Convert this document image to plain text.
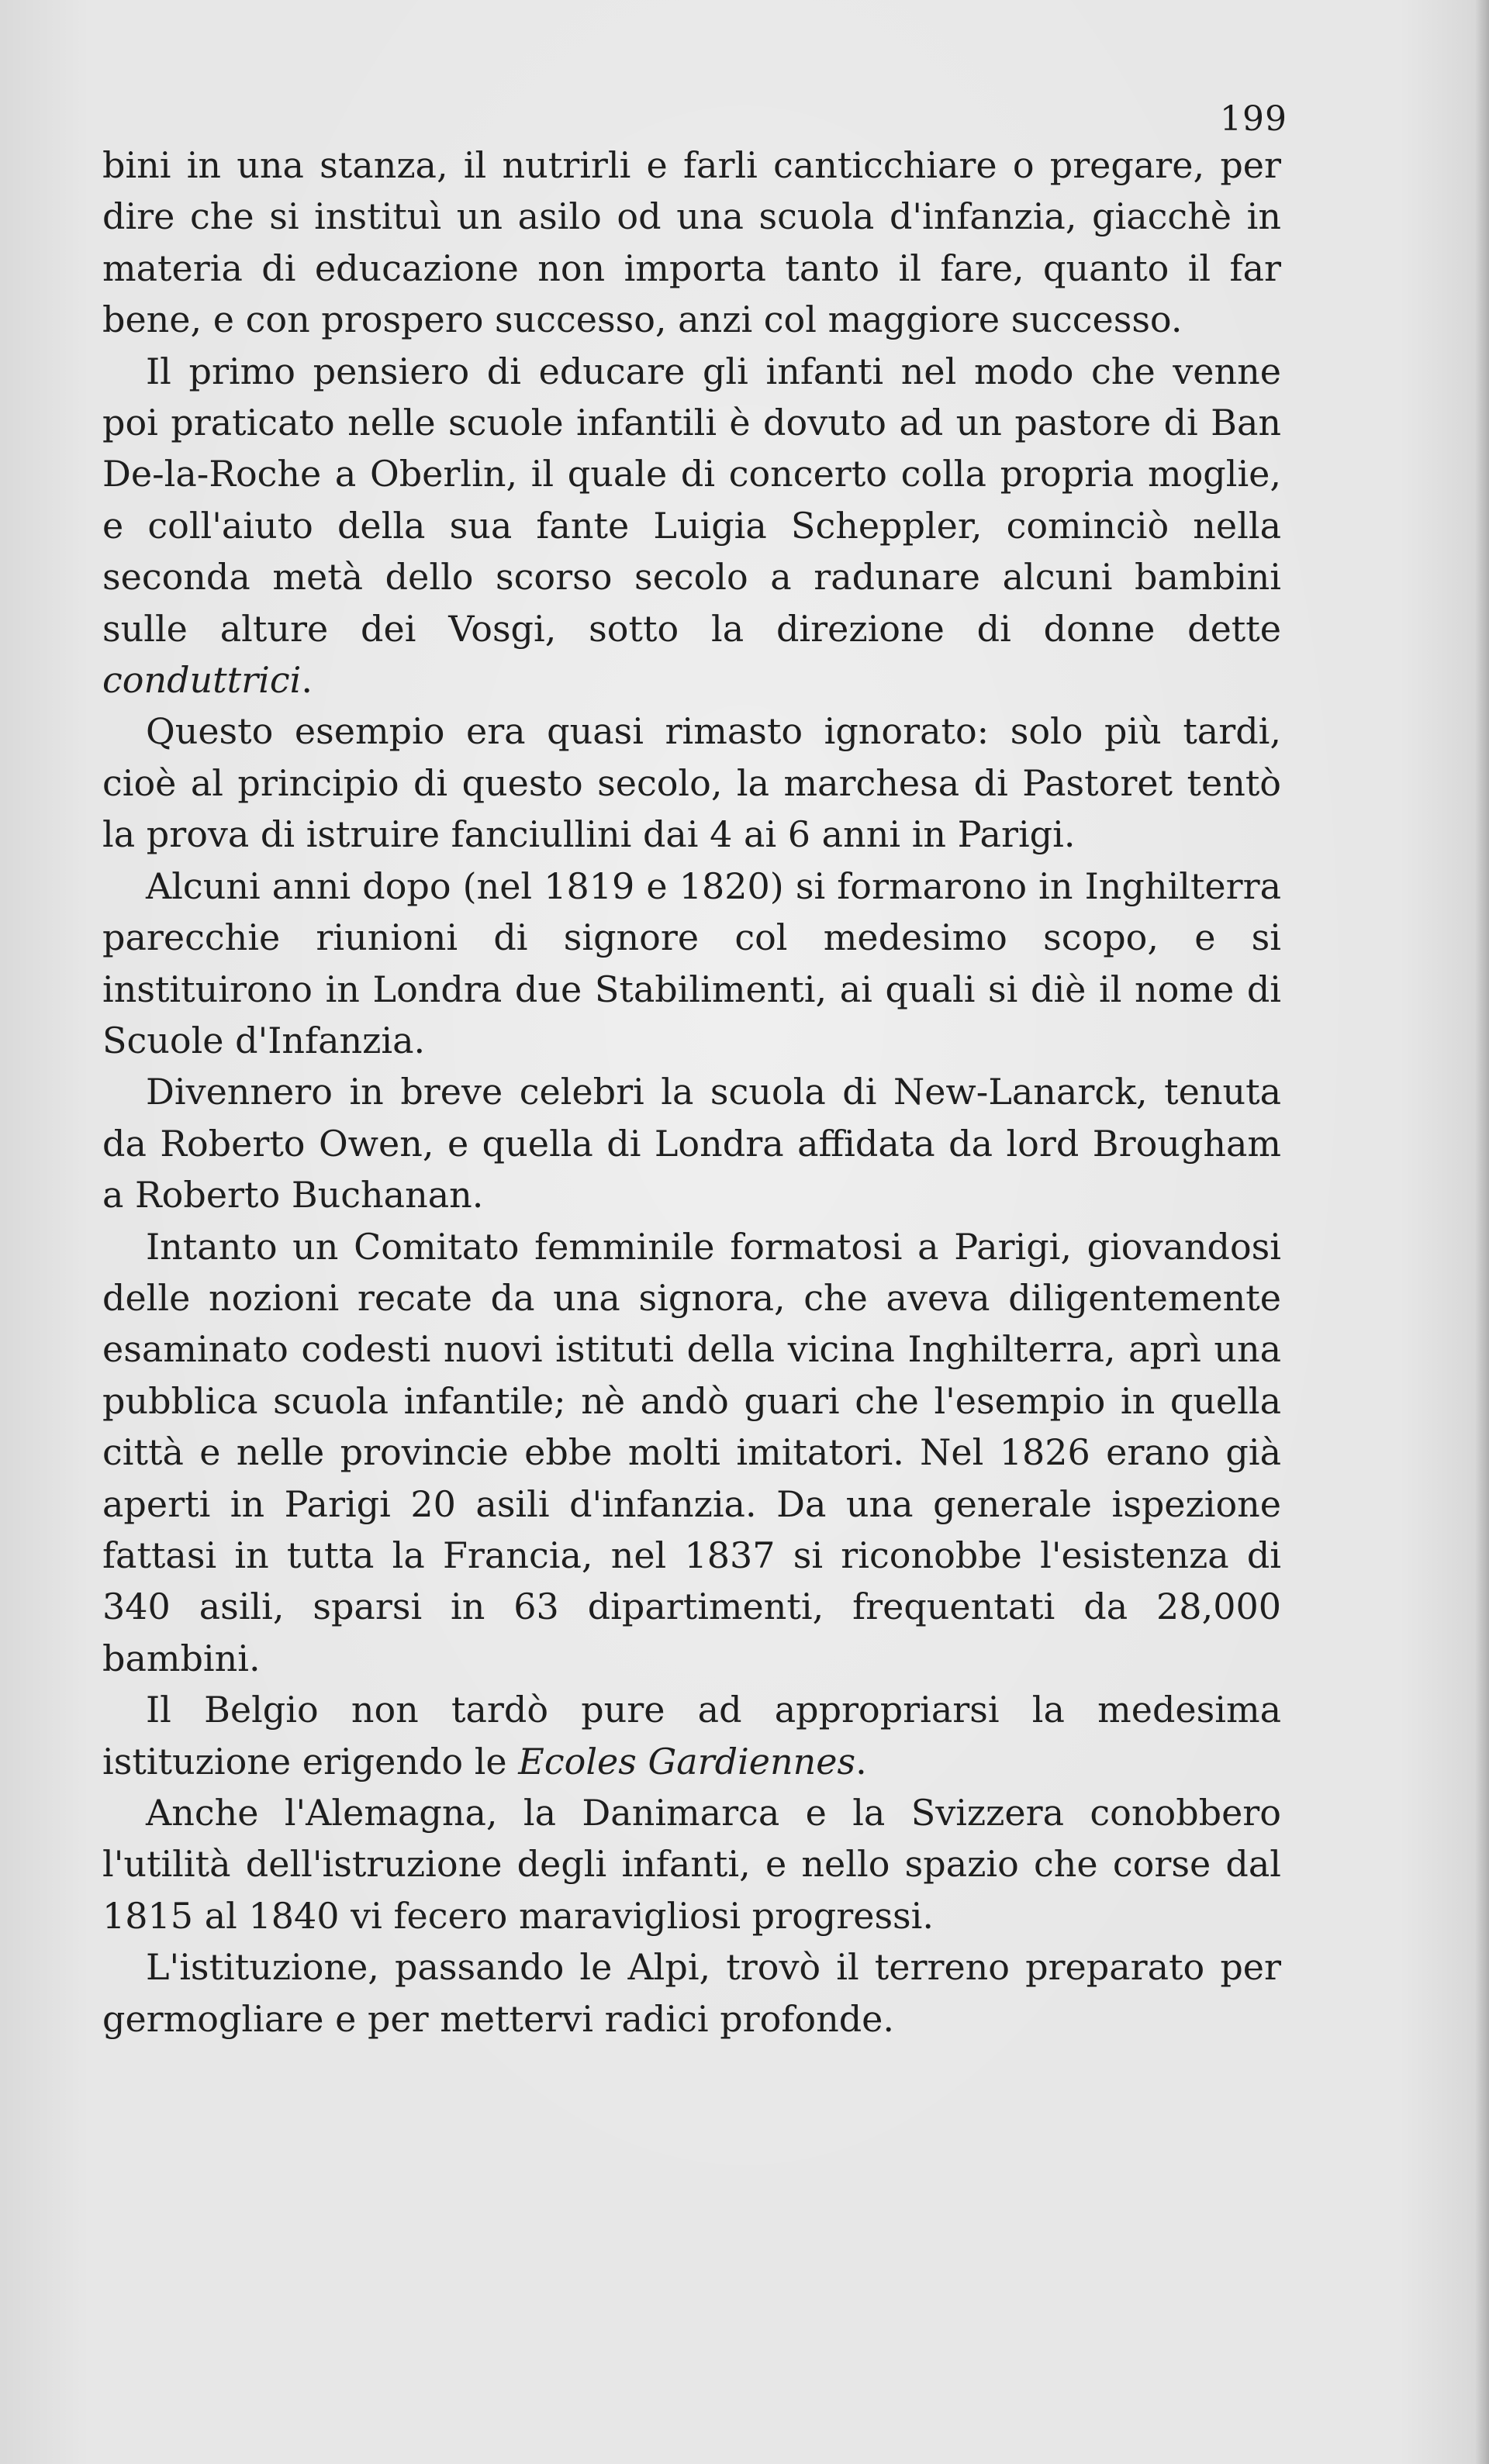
199

bini in una stanza, il nutrirli e farli canticchiare o pregare, per dire che si instituì un asilo od una scuola d'infanzia, giacchè in materia di educazione non importa tanto il fare, quanto il far bene, e con prospero successo, anzi col maggiore successo.

Il primo pensiero di educare gli infanti nel modo che venne poi praticato nelle scuole infantili è dovuto ad un pastore di Ban De-la-Roche a Oberlin, il quale di concerto colla propria moglie, e coll'aiuto della sua fante Luigia Scheppler, cominciò nella seconda metà dello scorso secolo a radunare alcuni bambini sulle alture dei Vosgi, sotto la direzione di donne dette conduttrici.

Questo esempio era quasi rimasto ignorato: solo più tardi, cioè al principio di questo secolo, la marchesa di Pastoret tentò la prova di istruire fanciullini dai 4 ai 6 anni in Parigi.

Alcuni anni dopo (nel 1819 e 1820) si formarono in Inghilterra parecchie riunioni di signore col medesimo scopo, e si instituirono in Londra due Stabilimenti, ai quali si diè il nome di Scuole d'Infanzia.

Divennero in breve celebri la scuola di New-Lanarck, tenuta da Roberto Owen, e quella di Londra affidata da lord Brougham a Roberto Buchanan.

Intanto un Comitato femminile formatosi a Parigi, giovandosi delle nozioni recate da una signora, che aveva diligentemente esaminato codesti nuovi istituti della vicina Inghilterra, aprì una pubblica scuola infantile; nè andò guari che l'esempio in quella città e nelle provincie ebbe molti imitatori. Nel 1826 erano già aperti in Parigi 20 asili d'infanzia. Da una generale ispezione fattasi in tutta la Francia, nel 1837 si riconobbe l'esistenza di 340 asili, sparsi in 63 dipartimenti, frequentati da 28,000 bambini.

Il Belgio non tardò pure ad appropriarsi la medesima istituzione erigendo le Ecoles Gardiennes.

Anche l'Alemagna, la Danimarca e la Svizzera conobbero l'utilità dell'istruzione degli infanti, e nello spazio che corse dal 1815 al 1840 vi fecero maravigliosi progressi.

L'istituzione, passando le Alpi, trovò il terreno preparato per germogliare e per mettervi radici profonde.
